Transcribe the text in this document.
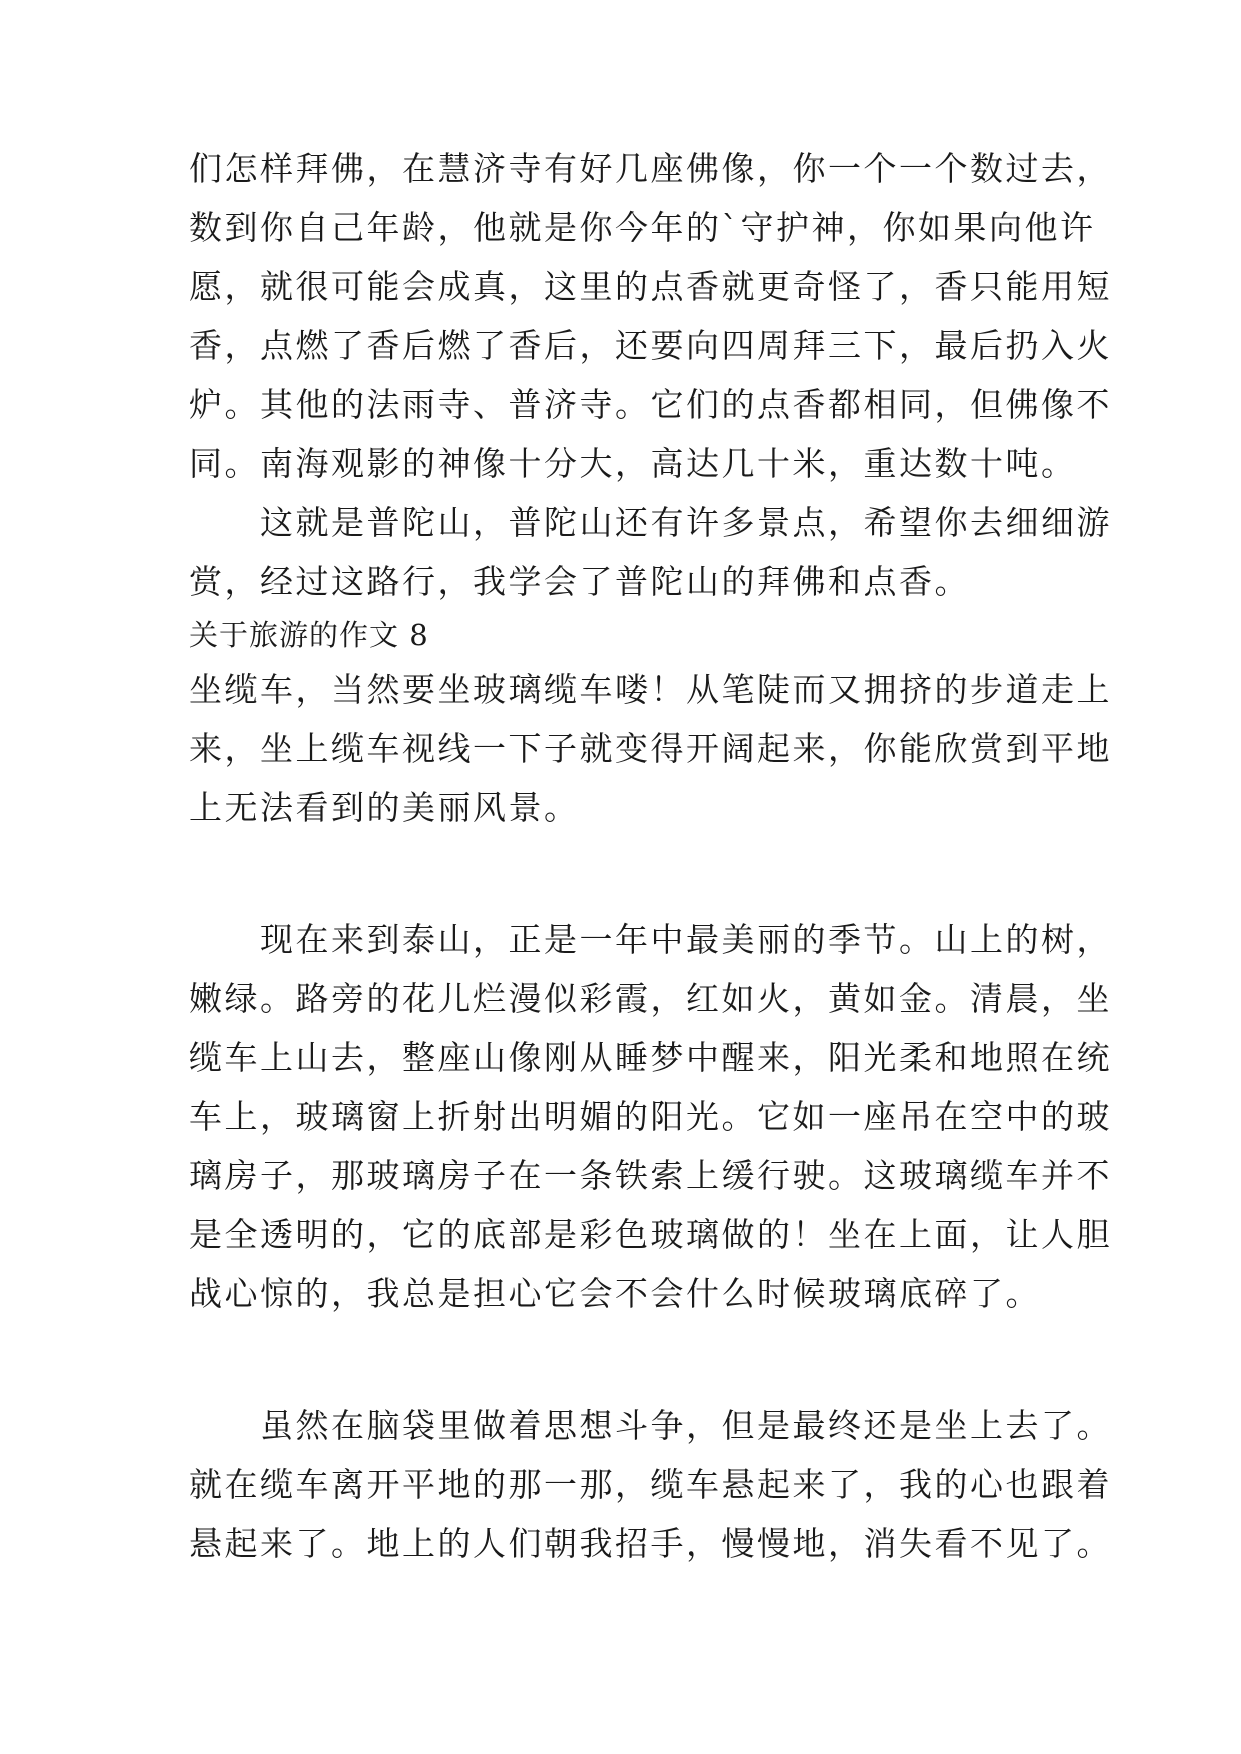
们怎样拜佛，在慧济寺有好几座佛像，你一个一个数过去，
数到你自己年龄，他就是你今年的`守护神，你如果向他许
愿，就很可能会成真，这里的点香就更奇怪了，香只能用短
香，点燃了香后燃了香后，还要向四周拜三下，最后扔入火
炉。其他的法雨寺、普济寺。它们的点香都相同，但佛像不
同。南海观影的神像十分大，高达几十米，重达数十吨。
　　这就是普陀山，普陀山还有许多景点，希望你去细细游
赏，经过这路行，我学会了普陀山的拜佛和点香。
关于旅游的作文 8
坐缆车，当然要坐玻璃缆车喽！从笔陡而又拥挤的步道走上
来，坐上缆车视线一下子就变得开阔起来，你能欣赏到平地
上无法看到的美丽风景。
　　现在来到泰山，正是一年中最美丽的季节。山上的树，
嫩绿。路旁的花儿烂漫似彩霞，红如火，黄如金。清晨，坐
缆车上山去，整座山像刚从睡梦中醒来，阳光柔和地照在统
车上，玻璃窗上折射出明媚的阳光。它如一座吊在空中的玻
璃房子，那玻璃房子在一条铁索上缓行驶。这玻璃缆车并不
是全透明的，它的底部是彩色玻璃做的！坐在上面，让人胆
战心惊的，我总是担心它会不会什么时候玻璃底碎了。
　　虽然在脑袋里做着思想斗争，但是最终还是坐上去了。
就在缆车离开平地的那一那，缆车悬起来了，我的心也跟着
悬起来了。地上的人们朝我招手，慢慢地，消失看不见了。
